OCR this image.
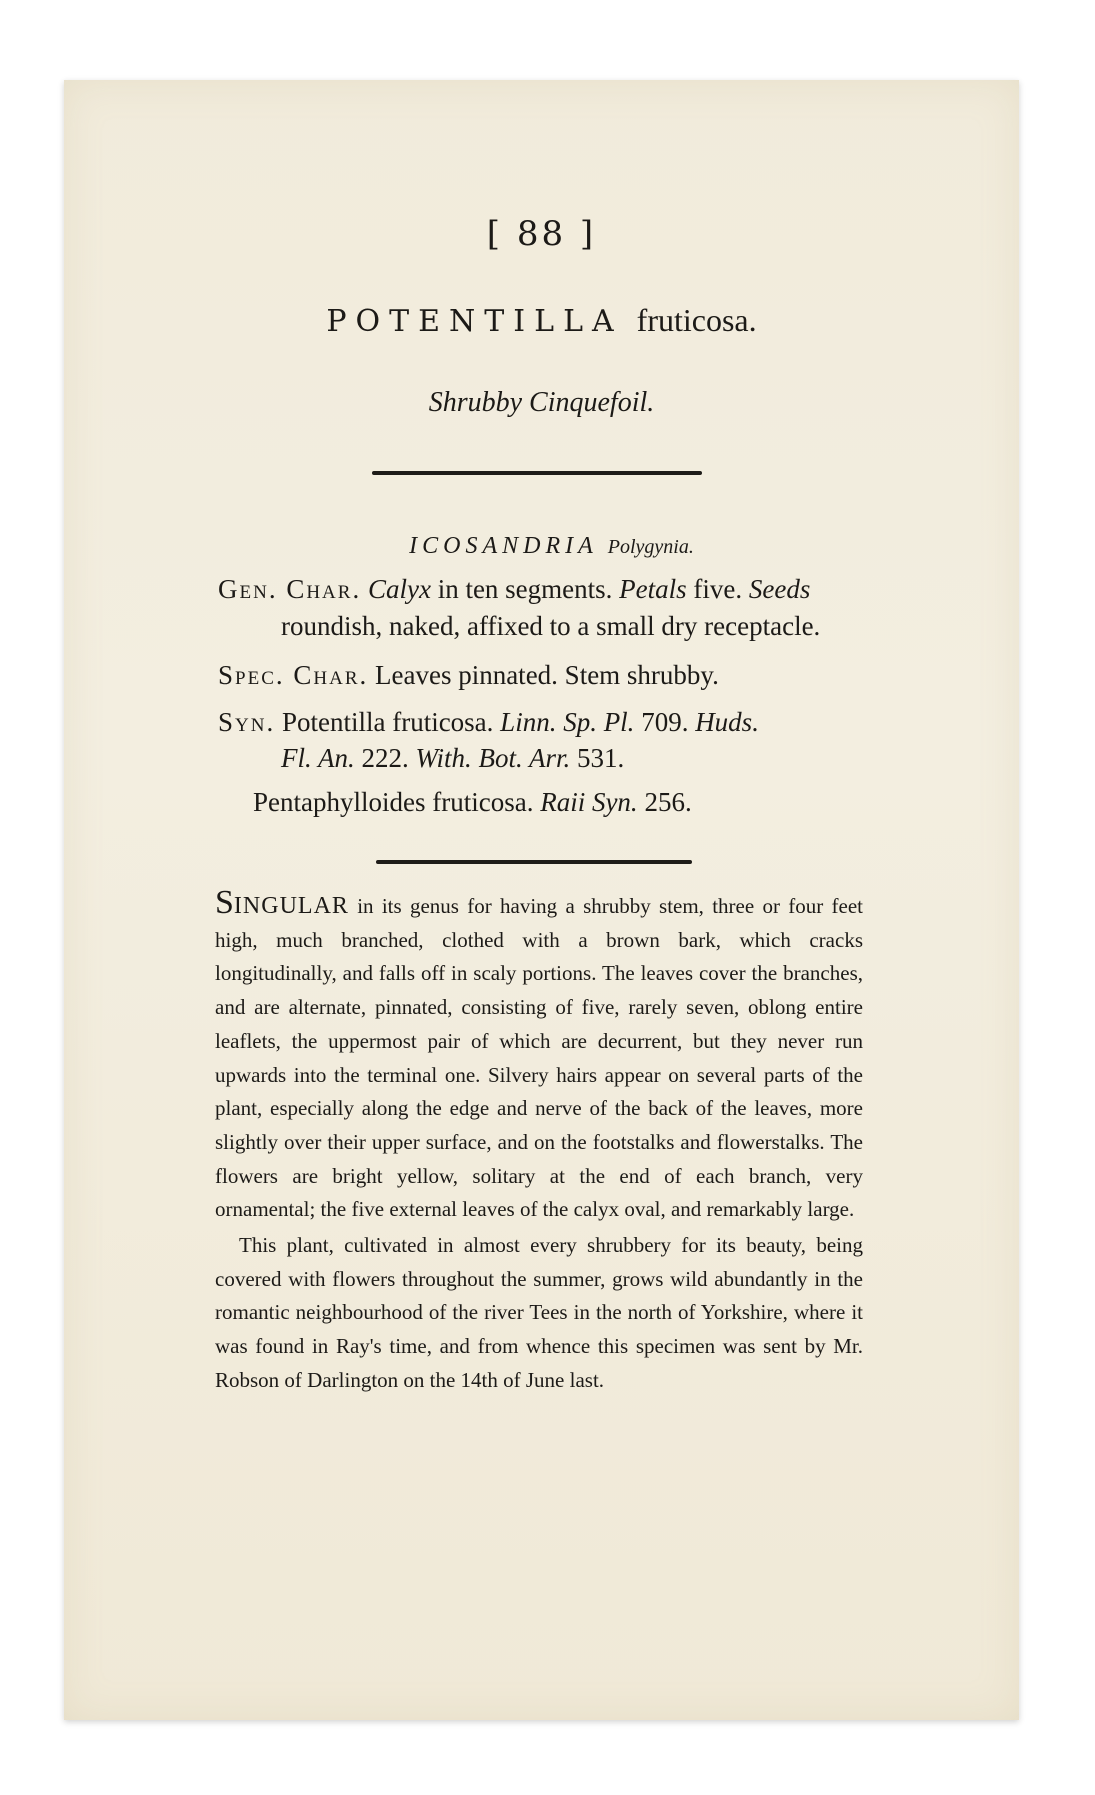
[ 88 ]
POTENTILLA fruticosa.
Shrubby Cinquefoil.
ICOSANDRIA Polygynia.
Gen. Char. Calyx in ten segments. Petals five. Seeds
roundish, naked, affixed to a small dry receptacle.
Spec. Char. Leaves pinnated. Stem shrubby.
Syn. Potentilla fruticosa. Linn. Sp. Pl. 709. Huds.
Fl. An. 222. With. Bot. Arr. 531.
Pentaphylloides fruticosa. Raii Syn. 256.

SINGULAR in its genus for having a shrubby stem, three or four feet high, much branched, clothed with a brown bark, which cracks longitudinally, and falls off in scaly portions. The leaves cover the branches, and are alternate, pinnated, consisting of five, rarely seven, oblong entire leaflets, the uppermost pair of which are decurrent, but they never run upwards into the terminal one. Silvery hairs appear on several parts of the plant, especially along the edge and nerve of the back of the leaves, more slightly over their upper surface, and on the footstalks and flowerstalks. The flowers are bright yellow, solitary at the end of each branch, very ornamental; the five external leaves of the calyx oval, and remarkably large.

This plant, cultivated in almost every shrubbery for its beauty, being covered with flowers throughout the summer, grows wild abundantly in the romantic neighbourhood of the river Tees in the north of Yorkshire, where it was found in Ray's time, and from whence this specimen was sent by Mr. Robson of Darlington on the 14th of June last.
